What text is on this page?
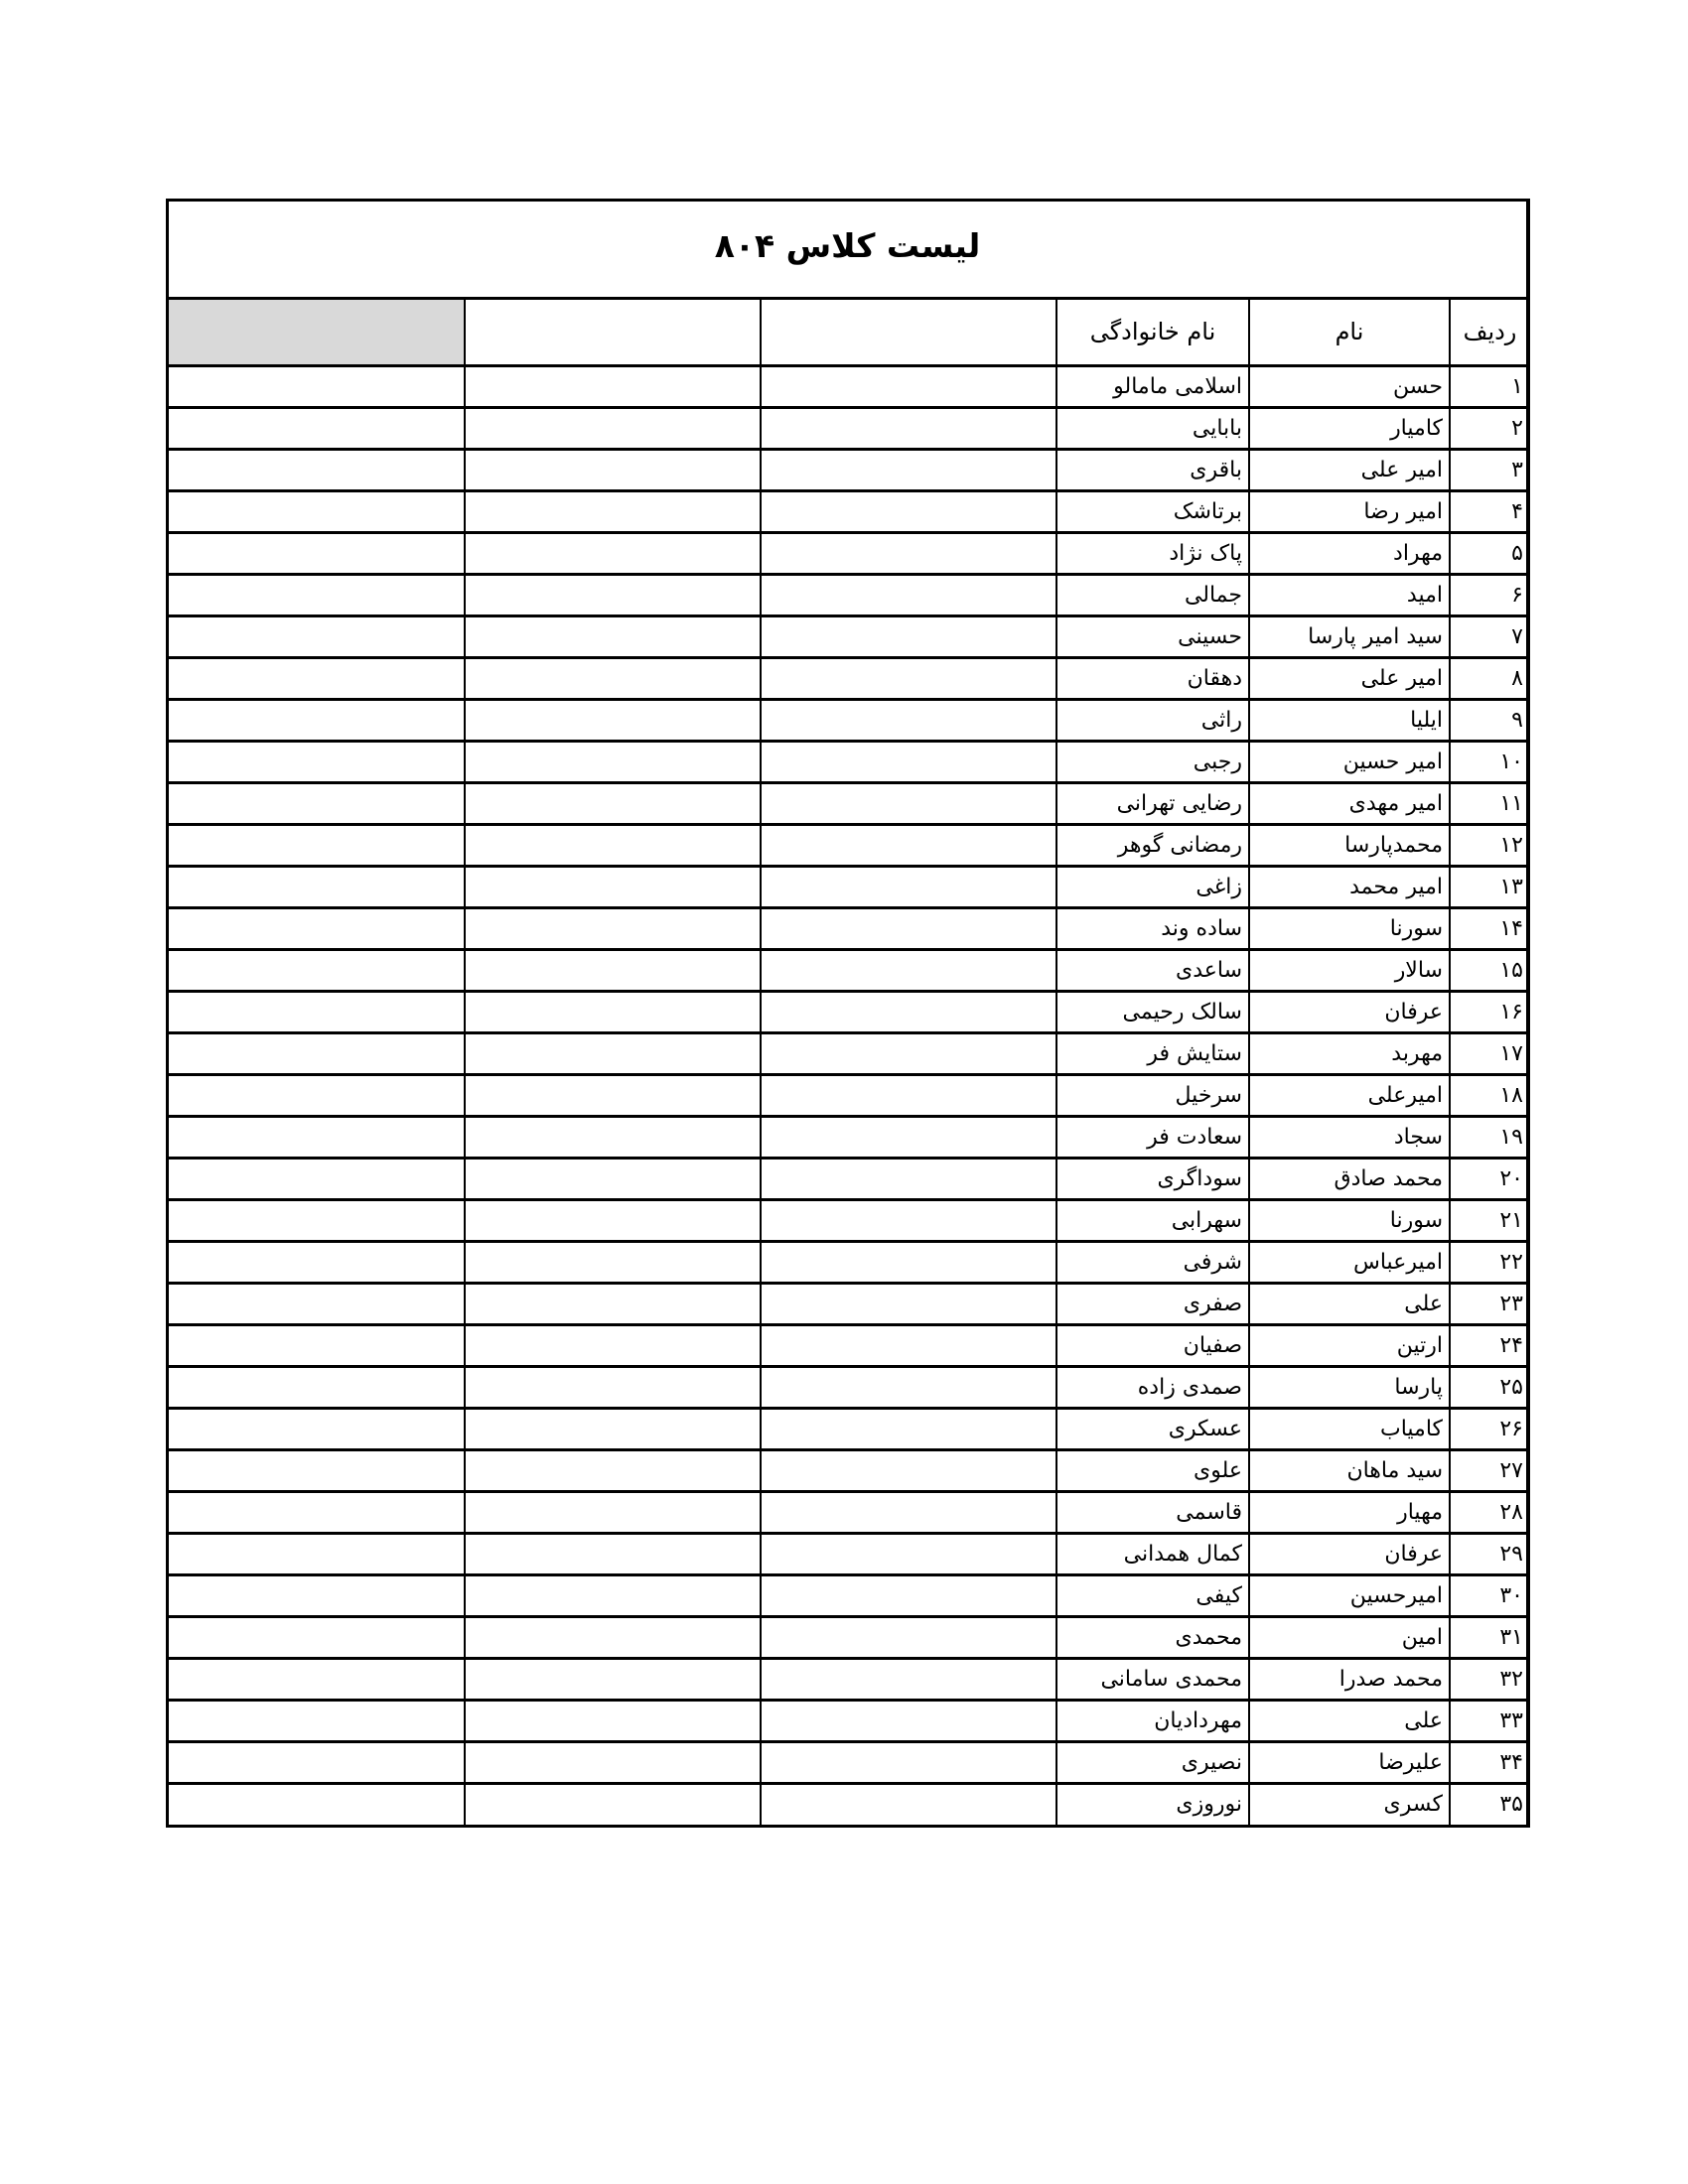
لیست کلاس ۸۰۴
ردیف	نام	نام خانوادگی			
۱	حسن	اسلامی مامالو			
۲	کامیار	بابایی			
۳	امیر علی	باقری			
۴	امیر رضا	برتاشک			
۵	مهراد	پاک نژاد			
۶	امید	جمالی			
۷	سید امیر پارسا	حسینی			
۸	امیر علی	دهقان			
۹	ایلیا	راثی			
۱۰	امیر حسین	رجبی			
۱۱	امیر مهدی	رضایی تهرانی			
۱۲	محمدپارسا	رمضانی گوهر			
۱۳	امیر محمد	زاغی			
۱۴	سورنا	ساده وند			
۱۵	سالار	ساعدی			
۱۶	عرفان	سالک رحیمی			
۱۷	مهربد	ستایش فر			
۱۸	امیرعلی	سرخیل			
۱۹	سجاد	سعادت فر			
۲۰	محمد صادق	سوداگری			
۲۱	سورنا	سهرابی			
۲۲	امیرعباس	شرفی			
۲۳	علی	صفری			
۲۴	ارتین	صفیان			
۲۵	پارسا	صمدی زاده			
۲۶	کامیاب	عسکری			
۲۷	سید ماهان	علوی			
۲۸	مهیار	قاسمی			
۲۹	عرفان	کمال همدانی			
۳۰	امیرحسین	کیفی			
۳۱	امین	محمدی			
۳۲	محمد صدرا	محمدی سامانی			
۳۳	علی	مهردادیان			
۳۴	علیرضا	نصیری			
۳۵	کسری	نوروزی			
